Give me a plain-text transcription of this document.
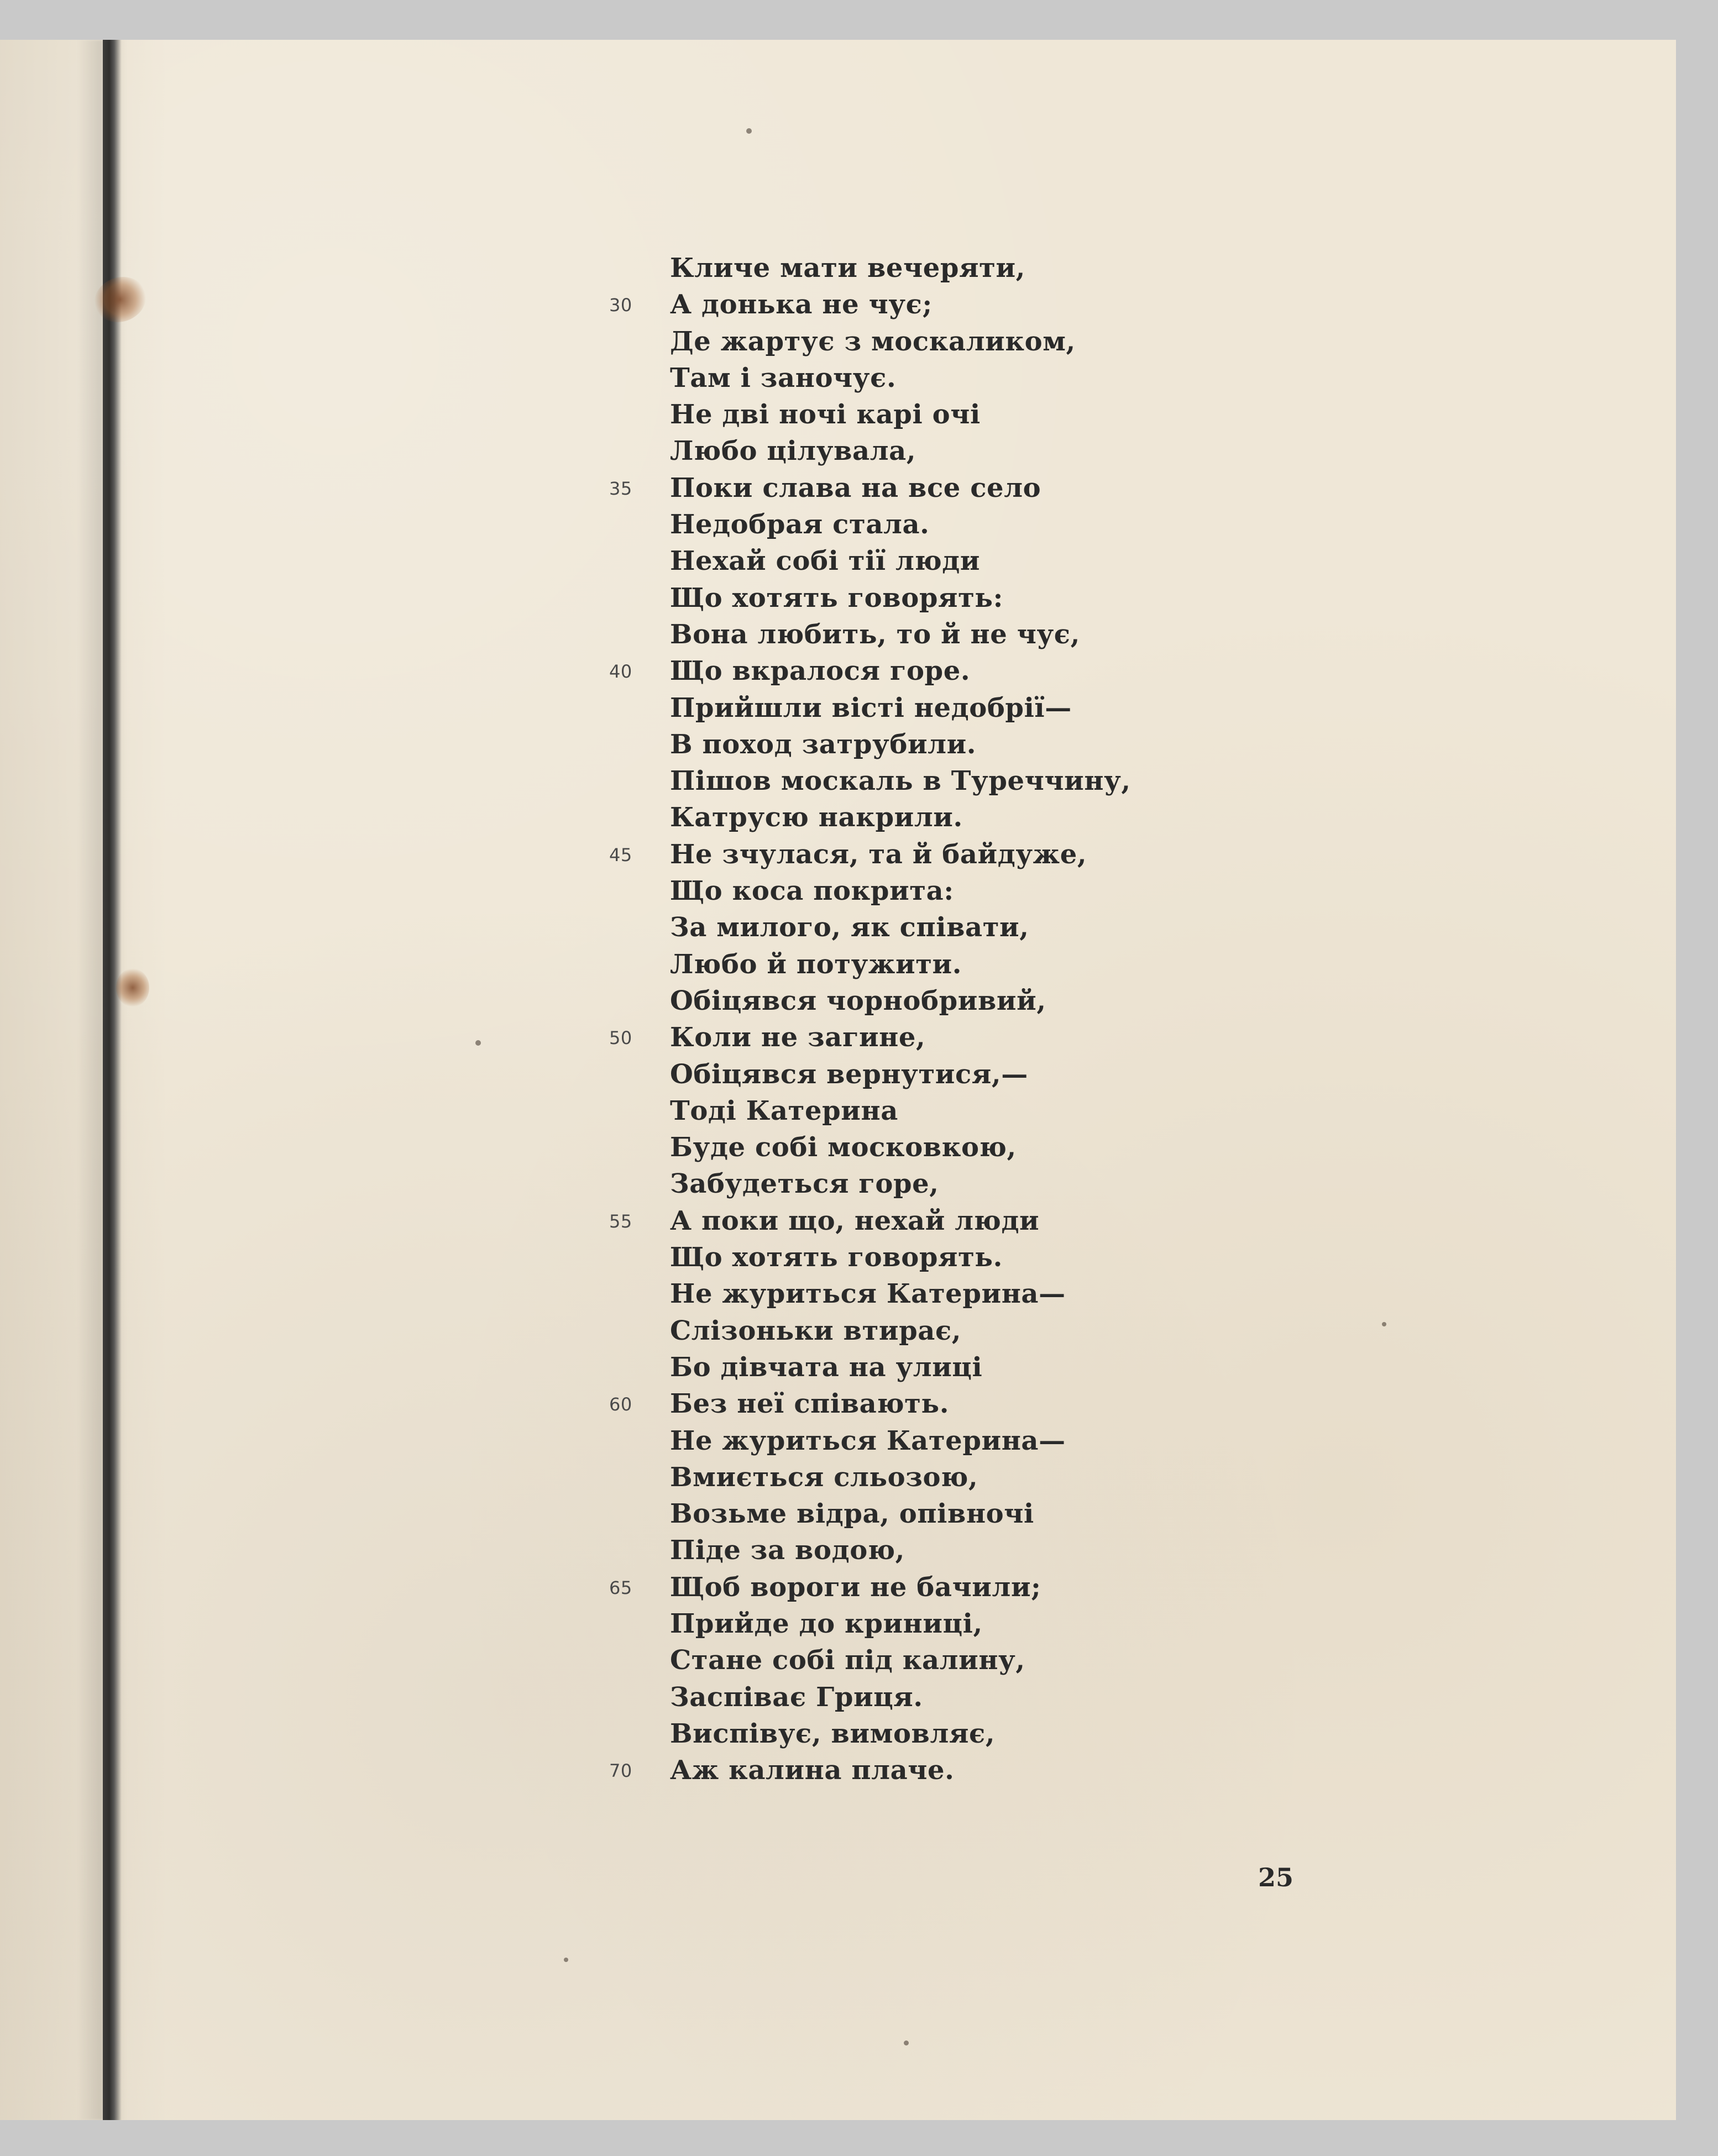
Кличе мати вечеряти,
30	А донька не чує;
Де жартує з москаликом,
Там і заночує.
Не дві ночі карі очі
Любо цілувала,
35	Поки слава на все село
Недобрая стала.
Нехай собі тії люди
Що хотять говорять:
Вона любить, то й не чує,
40	Що вкралося горе.
Прийшли вісті недобрії—
В поход затрубили.
Пішов москаль в Туреччину,
Катрусю накрили.
45	Не зчулася, та й байдуже,
Що коса покрита:
За милого, як співати,
Любо й потужити.
Обіцявся чорнобривий,
50	Коли не загине,
Обіцявся вернутися,—
Тоді Катерина
Буде собі московкою,
Забудеться горе,
55	А поки що, нехай люди
Що хотять говорять.
Не журиться Катерина—
Слізоньки втирає,
Бо дівчата на улиці
60	Без неї співають.
Не журиться Катерина—
Вмиється сльозою,
Возьме відра, опівночі
Піде за водою,
65	Щоб вороги не бачили;
Прийде до криниці,
Стане собі під калину,
Заспіває Гриця.
Виспівує, вимовляє,
70	Аж калина плаче.
25
